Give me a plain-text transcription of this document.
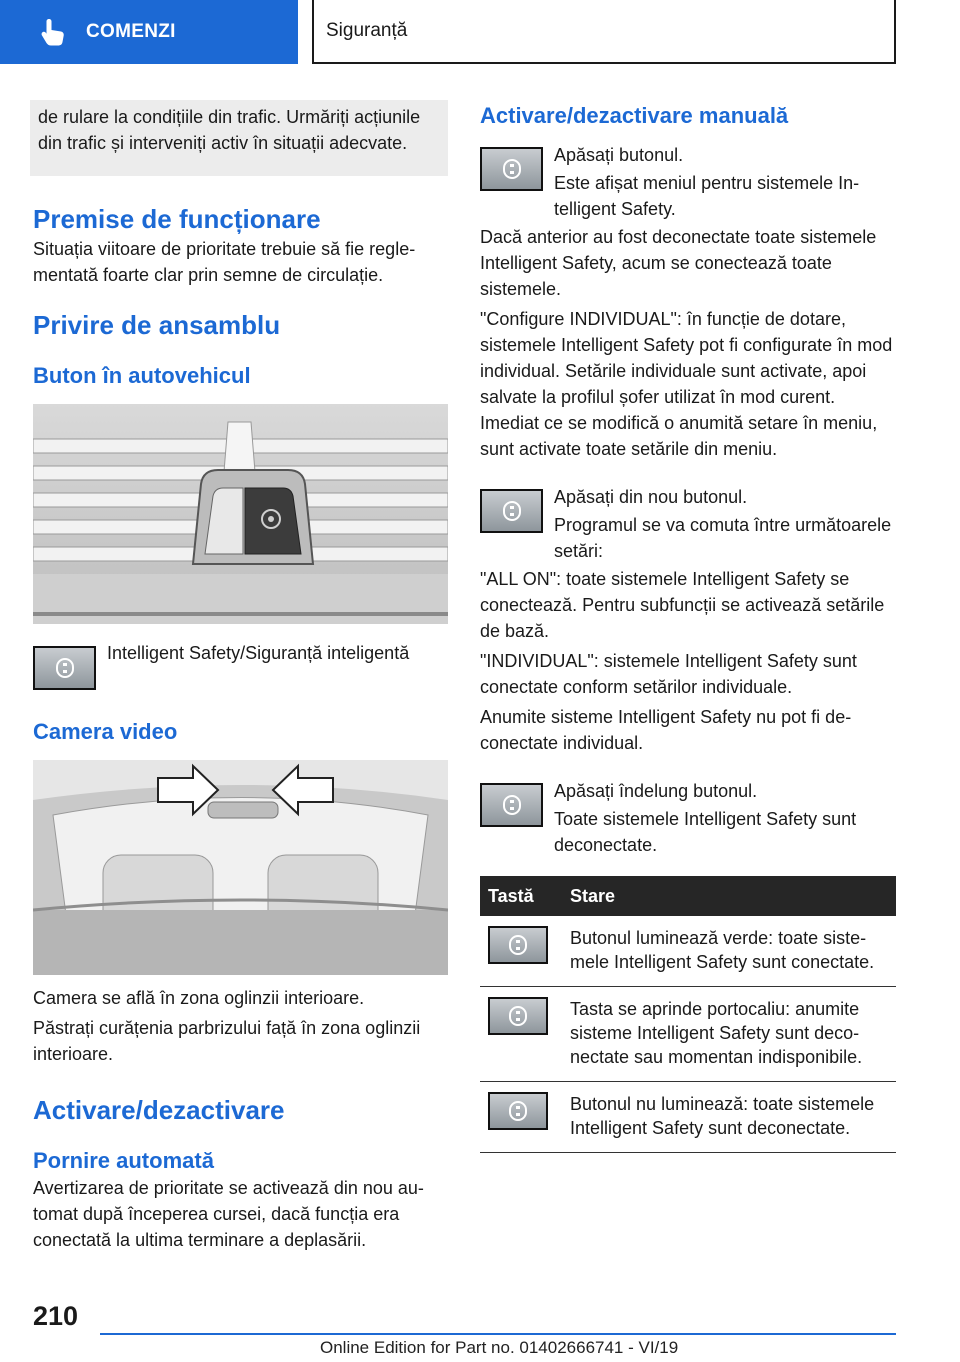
COMENZI	Siguranță

de rulare la condițiile din trafic. Urmăriți acțiunile din trafic și interveniți activ în situații adecvate.

Premise de funcționare

Situația viitoare de prioritate trebuie să fie reglementată foarte clar prin semne de circulație.

Privire de ansamblu
Buton în autovehicul

Intelligent Safety/Siguranță inteligentă

Camera video

Camera se află în zona oglinzii interioare.

Păstrați curățenia parbrizului față în zona oglinzii interioare.

Activare/dezactivare
Pornire automată

Avertizarea de prioritate se activează din nou automat după începerea cursei, dacă funcția era conectată la ultima terminare a deplasării.

Activare/dezactivare manuală

Apăsați butonul.

Este afișat meniul pentru sistemele Intelligent Safety.

Dacă anterior au fost deconectate toate sistemele Intelligent Safety, acum se conectează toate sistemele.

"Configure INDIVIDUAL": în funcție de dotare, sistemele Intelligent Safety pot fi configurate în mod individual. Setările individuale sunt activate, apoi salvate la profilul șofer utilizat în mod curent. Imediat ce se modifică o anumită setare în meniu, sunt activate toate setările din meniu.

Apăsați din nou butonul.

Programul se va comuta între următoarele setări:

"ALL ON": toate sistemele Intelligent Safety se conectează. Pentru subfuncții se activează setările de bază.

"INDIVIDUAL": sistemele Intelligent Safety sunt conectate conform setărilor individuale.

Anumite sisteme Intelligent Safety nu pot fi deconectate individual.

Apăsați îndelung butonul.

Toate sistemele Intelligent Safety sunt deconectate.

Tastă	Stare

	Butonul luminează verde: toate sistemele Intelligent Safety sunt conectate.

	Tasta se aprinde portocaliu: anumite sisteme Intelligent Safety sunt deconectate sau momentan indisponibile.

	Butonul nu luminează: toate sistemele Intelligent Safety sunt deconectate.
210
Online Edition for Part no. 01402666741 - VI/19
